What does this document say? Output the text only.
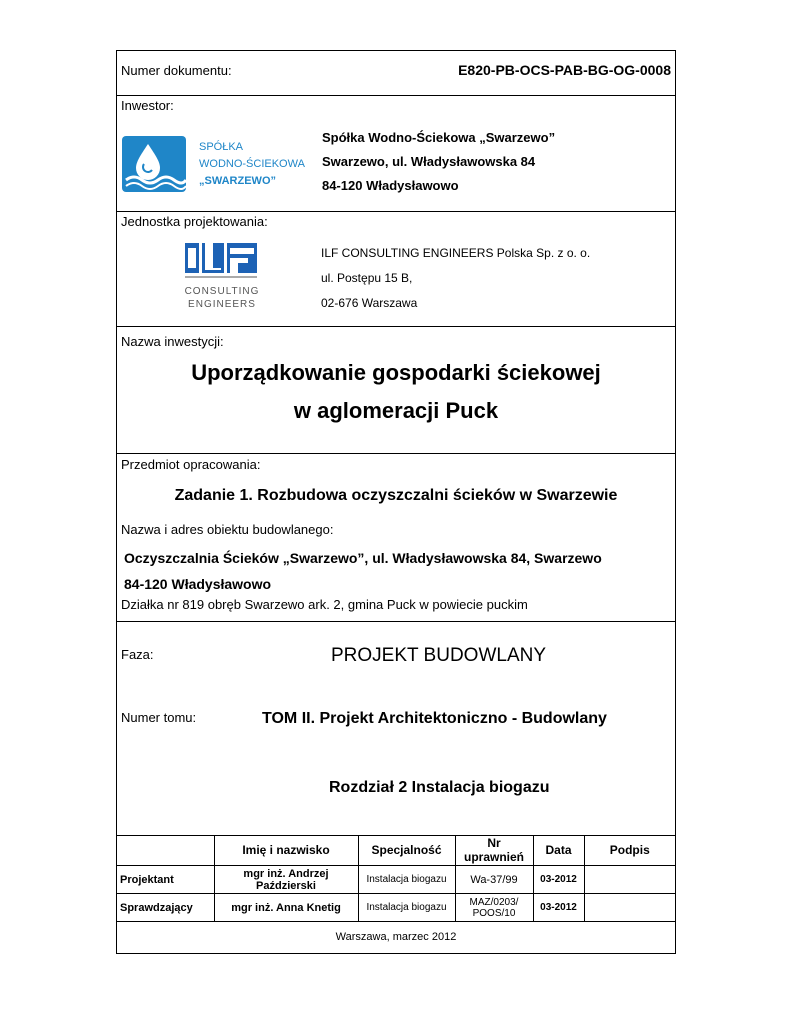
Numer dokumentu:	E820-PB-OCS-PAB-BG-OG-0008
Inwestor:
SPÓŁKA
WODNO-ŚCIEKOWA
„SWARZEWO”
Spółka Wodno-Ściekowa „Swarzewo”
Swarzewo, ul. Władysławowska 84
84-120 Władysławowo
Jednostka projektowania:
CONSULTING
ENGINEERS
ILF CONSULTING ENGINEERS Polska Sp. z o. o.
ul. Postępu 15 B,
02-676 Warszawa
Nazwa inwestycji:
Uporządkowanie gospodarki ściekowej
w aglomeracji Puck
Przedmiot opracowania:
Zadanie 1. Rozbudowa oczyszczalni ścieków w Swarzewie
Nazwa i adres obiektu budowlanego:
Oczyszczalnia Ścieków „Swarzewo”, ul. Władysławowska 84, Swarzewo
84-120 Władysławowo
Działka nr 819 obręb Swarzewo ark. 2, gmina Puck w powiecie puckim
Faza:	PROJEKT BUDOWLANY
Numer tomu:	TOM II. Projekt Architektoniczno - Budowlany
Rozdział 2 Instalacja biogazu
	Imię i nazwisko	Specjalność	Nr uprawnień	Data	Podpis
Projektant	mgr inż. Andrzej Paździerski	Instalacja biogazu	Wa-37/99	03-2012	
Sprawdzający	mgr inż. Anna Knetig	Instalacja biogazu	MAZ/0203/ POOS/10	03-2012	
Warszawa, marzec 2012
